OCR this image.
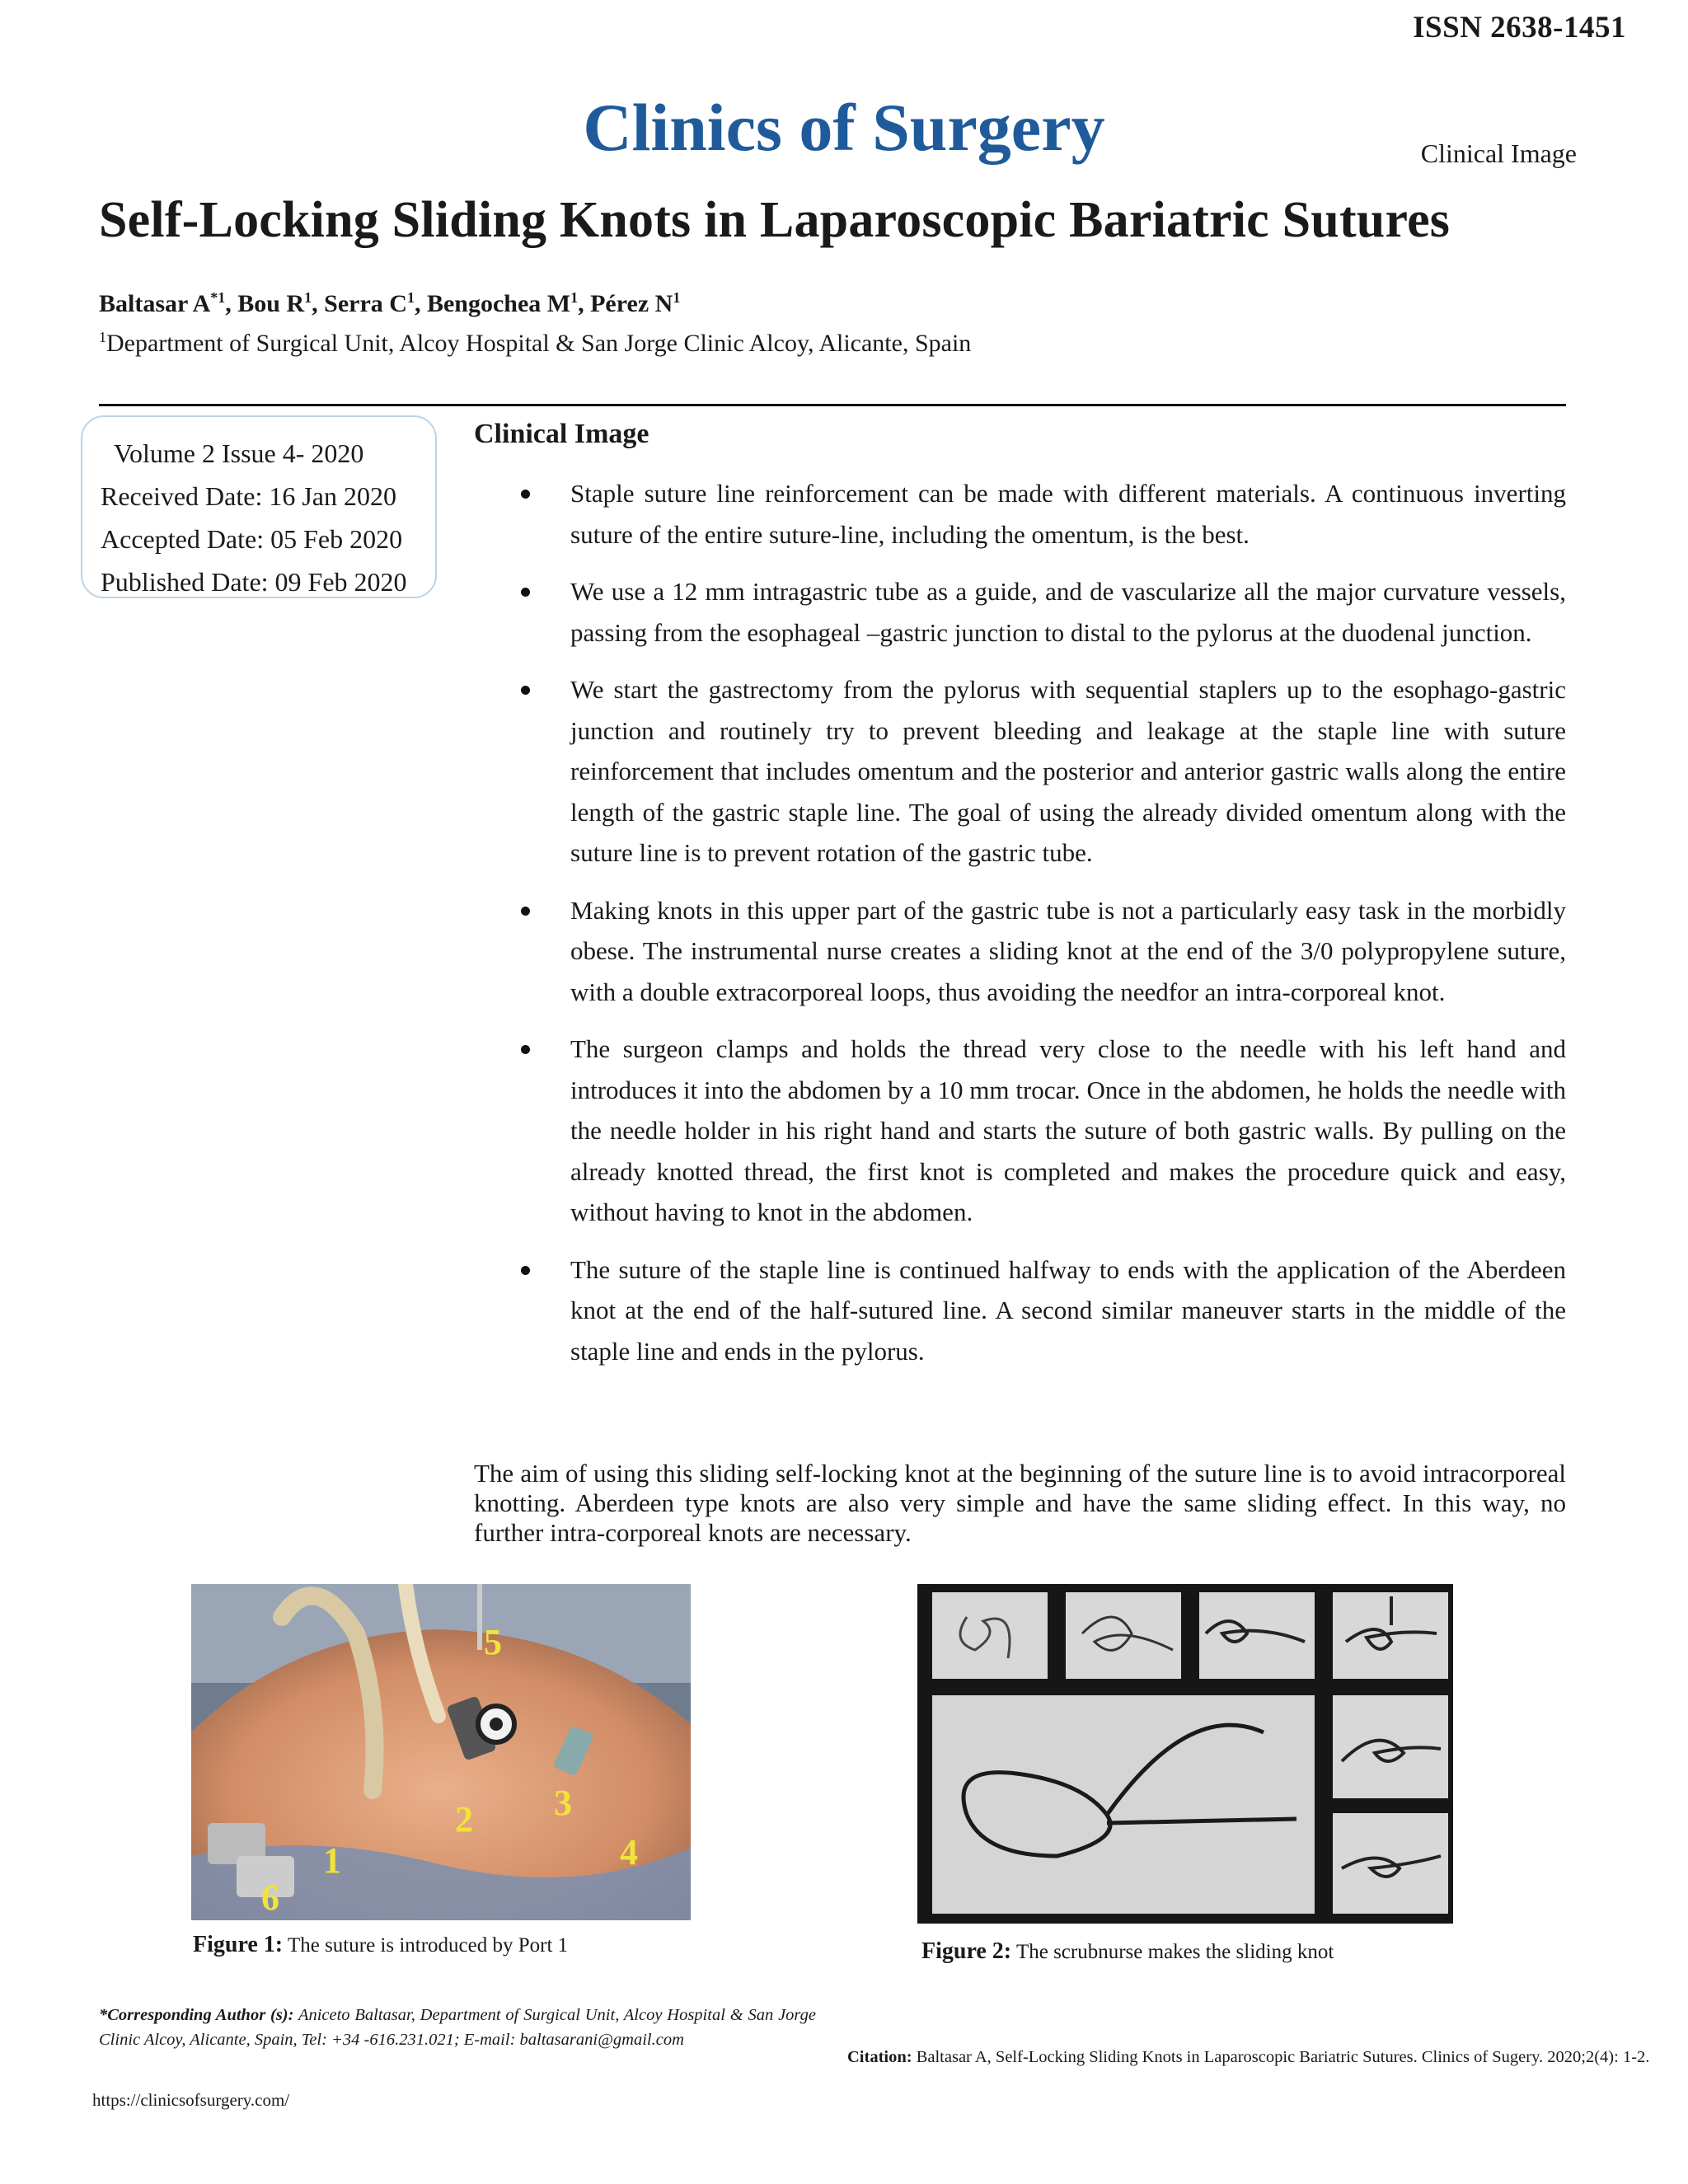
ISSN 2638-1451
Clinics of Surgery	Clinical Image
Self-Locking Sliding Knots in Laparoscopic Bariatric Sutures
Baltasar $A^{*1}$, Bou $R^1$, Serra $C^1$, Bengochea $M^1$, Pérez $N^1$
$^1$Department of Surgical Unit, Alcoy Hospital & San Jorge Clinic Alcoy, Alicante, Spain
Volume 2 Issue 4- 2020
Received Date: 16 Jan 2020
Accepted Date: 05 Feb 2020
Published Date: 09 Feb 2020
Clinical Image
Staple suture line reinforcement can be made with different materials. A continuous inverting suture of the entire suture-line, including the omentum, is the best.
We use a 12 mm intragastric tube as a guide, and de vascularize all the major curvature vessels, passing from the esophageal –gastric junction to distal to the pylorus at the duodenal junction.
We start the gastrectomy from the pylorus with sequential staplers up to the esophago-gastric junction and routinely try to prevent bleeding and leakage at the staple line with suture reinforcement that includes omentum and the posterior and anterior gastric walls along the entire length of the gastric staple line. The goal of using the already divided omentum along with the suture line is to prevent rotation of the gastric tube.
Making knots in this upper part of the gastric tube is not a particularly easy task in the morbidly obese. The instrumental nurse creates a sliding knot at the end of the 3/0 polypropylene suture, with a double extracorporeal loops, thus avoiding the needfor an intra-corporeal knot.
The surgeon clamps and holds the thread very close to the needle with his left hand and introduces it into the abdomen by a 10 mm trocar. Once in the abdomen, he holds the needle with the needle holder in his right hand and starts the suture of both gastric walls. By pulling on the already knotted thread, the first knot is completed and makes the procedure quick and easy, without having to knot in the abdomen.
The suture of the staple line is continued halfway to ends with the application of the Aberdeen knot at the end of the half-sutured line. A second similar maneuver starts in the middle of the staple line and ends in the pylorus.
The aim of using this sliding self-locking knot at the beginning of the suture line is to avoid intracorporeal knotting. Aberdeen type knots are also very simple and have the same sliding effect. In this way, no further intra-corporeal knots are necessary.
5
2 3
4
1
6
Figure 1: The suture is introduced by Port 1	Figure 2: The scrubnurse makes the sliding knot
*Corresponding Author (s): Aniceto Baltasar, Department of Surgical Unit, Alcoy Hospital & San Jorge Clinic Alcoy, Alicante, Spain, Tel: +34 -616.231.021; E-mail: baltasarani@gmail.com
Citation: Baltasar A, Self-Locking Sliding Knots in Laparoscopic Bariatric Sutures. Clinics of Sugery. 2020;2(4): 1-2.
https://clinicsofsurgery.com/
